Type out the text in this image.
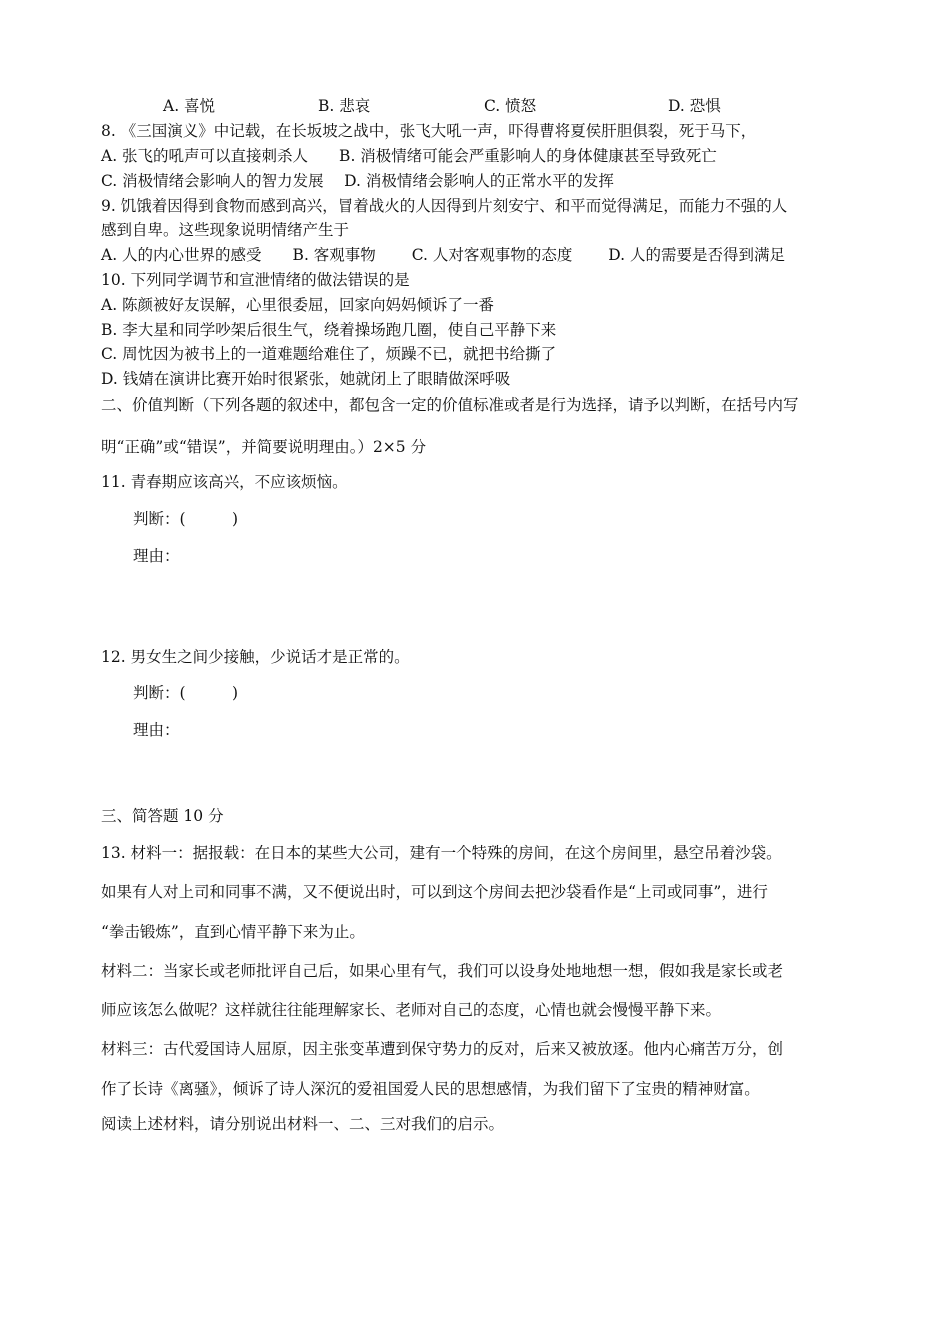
A. 喜悦	B. 悲哀	C. 愤怒	D. 恐惧
8. 《三国演义》中记载，在长坂坡之战中，张飞大吼一声，吓得曹将夏侯肝胆俱裂，死于马下，
A. 张飞的吼声可以直接刺杀人　　B. 消极情绪可能会严重影响人的身体健康甚至导致死亡
C. 消极情绪会影响人的智力发展　 D. 消极情绪会影响人的正常水平的发挥
9. 饥饿着因得到食物而感到高兴，冒着战火的人因得到片刻安宁、和平而觉得满足，而能力不强的人
感到自卑。这些现象说明情绪产生于
A. 人的内心世界的感受　　B. 客观事物　　 C. 人对客观事物的态度　　 D. 人的需要是否得到满足
10. 下列同学调节和宣泄情绪的做法错误的是
A. 陈颜被好友误解，心里很委屈，回家向妈妈倾诉了一番
B. 李大星和同学吵架后很生气，绕着操场跑几圈，使自己平静下来
C. 周忱因为被书上的一道难题给难住了，烦躁不已，就把书给撕了
D. 钱婧在演讲比赛开始时很紧张，她就闭上了眼睛做深呼吸
二、价值判断（下列各题的叙述中，都包含一定的价值标准或者是行为选择，请予以判断，在括号内写
明“正确”或“错误”，并简要说明理由。）2×5 分
11. 青春期应该高兴，不应该烦恼。
判断：(　　　)
理由：
12. 男女生之间少接触，少说话才是正常的。
判断：(　　　)
理由：
三、简答题 10 分
13. 材料一：据报载：在日本的某些大公司，建有一个特殊的房间，在这个房间里，悬空吊着沙袋。
如果有人对上司和同事不满，又不便说出时，可以到这个房间去把沙袋看作是“上司或同事”，进行
“拳击锻炼”，直到心情平静下来为止。
材料二：当家长或老师批评自己后，如果心里有气，我们可以设身处地地想一想，假如我是家长或老
师应该怎么做呢？这样就往往能理解家长、老师对自己的态度，心情也就会慢慢平静下来。
材料三：古代爱国诗人屈原，因主张变革遭到保守势力的反对，后来又被放逐。他内心痛苦万分，创
作了长诗《离骚》，倾诉了诗人深沉的爱祖国爱人民的思想感情，为我们留下了宝贵的精神财富。
阅读上述材料，请分别说出材料一、二、三对我们的启示。
